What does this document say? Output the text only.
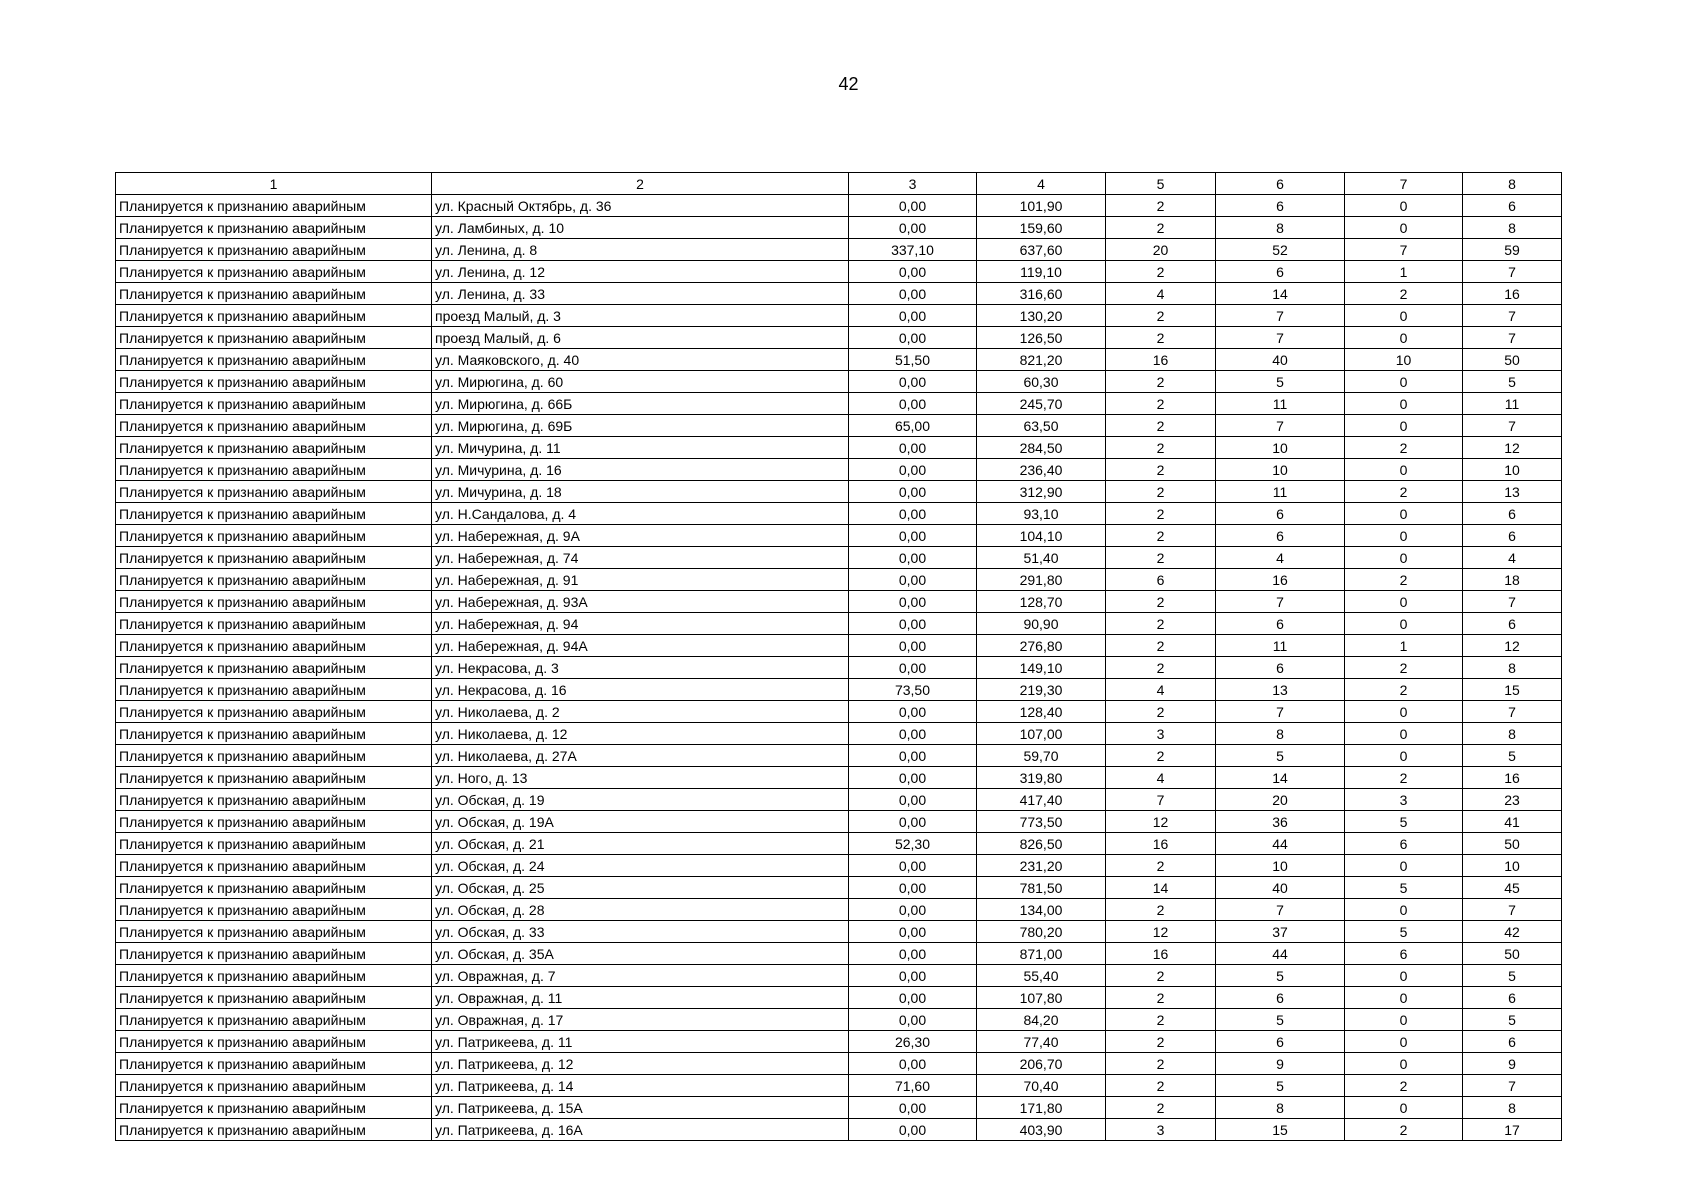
42
1	2	3	4	5	6	7	8
Планируется к признанию аварийным	ул. Красный Октябрь, д. 36	0,00	101,90	2	6	0	6
Планируется к признанию аварийным	ул. Ламбиных, д. 10	0,00	159,60	2	8	0	8
Планируется к признанию аварийным	ул. Ленина, д. 8	337,10	637,60	20	52	7	59
Планируется к признанию аварийным	ул. Ленина, д. 12	0,00	119,10	2	6	1	7
Планируется к признанию аварийным	ул. Ленина, д. 33	0,00	316,60	4	14	2	16
Планируется к признанию аварийным	проезд Малый, д. 3	0,00	130,20	2	7	0	7
Планируется к признанию аварийным	проезд Малый, д. 6	0,00	126,50	2	7	0	7
Планируется к признанию аварийным	ул. Маяковского, д. 40	51,50	821,20	16	40	10	50
Планируется к признанию аварийным	ул. Мирюгина, д. 60	0,00	60,30	2	5	0	5
Планируется к признанию аварийным	ул. Мирюгина, д. 66Б	0,00	245,70	2	11	0	11
Планируется к признанию аварийным	ул. Мирюгина, д. 69Б	65,00	63,50	2	7	0	7
Планируется к признанию аварийным	ул. Мичурина, д. 11	0,00	284,50	2	10	2	12
Планируется к признанию аварийным	ул. Мичурина, д. 16	0,00	236,40	2	10	0	10
Планируется к признанию аварийным	ул. Мичурина, д. 18	0,00	312,90	2	11	2	13
Планируется к признанию аварийным	ул. Н.Сандалова, д. 4	0,00	93,10	2	6	0	6
Планируется к признанию аварийным	ул. Набережная, д. 9А	0,00	104,10	2	6	0	6
Планируется к признанию аварийным	ул. Набережная, д. 74	0,00	51,40	2	4	0	4
Планируется к признанию аварийным	ул. Набережная, д. 91	0,00	291,80	6	16	2	18
Планируется к признанию аварийным	ул. Набережная, д. 93А	0,00	128,70	2	7	0	7
Планируется к признанию аварийным	ул. Набережная, д. 94	0,00	90,90	2	6	0	6
Планируется к признанию аварийным	ул. Набережная, д. 94А	0,00	276,80	2	11	1	12
Планируется к признанию аварийным	ул. Некрасова, д. 3	0,00	149,10	2	6	2	8
Планируется к признанию аварийным	ул. Некрасова, д. 16	73,50	219,30	4	13	2	15
Планируется к признанию аварийным	ул. Николаева, д. 2	0,00	128,40	2	7	0	7
Планируется к признанию аварийным	ул. Николаева, д. 12	0,00	107,00	3	8	0	8
Планируется к признанию аварийным	ул. Николаева, д. 27А	0,00	59,70	2	5	0	5
Планируется к признанию аварийным	ул. Ного, д. 13	0,00	319,80	4	14	2	16
Планируется к признанию аварийным	ул. Обская, д. 19	0,00	417,40	7	20	3	23
Планируется к признанию аварийным	ул. Обская, д. 19А	0,00	773,50	12	36	5	41
Планируется к признанию аварийным	ул. Обская, д. 21	52,30	826,50	16	44	6	50
Планируется к признанию аварийным	ул. Обская, д. 24	0,00	231,20	2	10	0	10
Планируется к признанию аварийным	ул. Обская, д. 25	0,00	781,50	14	40	5	45
Планируется к признанию аварийным	ул. Обская, д. 28	0,00	134,00	2	7	0	7
Планируется к признанию аварийным	ул. Обская, д. 33	0,00	780,20	12	37	5	42
Планируется к признанию аварийным	ул. Обская, д. 35А	0,00	871,00	16	44	6	50
Планируется к признанию аварийным	ул. Овражная, д. 7	0,00	55,40	2	5	0	5
Планируется к признанию аварийным	ул. Овражная, д. 11	0,00	107,80	2	6	0	6
Планируется к признанию аварийным	ул. Овражная, д. 17	0,00	84,20	2	5	0	5
Планируется к признанию аварийным	ул. Патрикеева, д. 11	26,30	77,40	2	6	0	6
Планируется к признанию аварийным	ул. Патрикеева, д. 12	0,00	206,70	2	9	0	9
Планируется к признанию аварийным	ул. Патрикеева, д. 14	71,60	70,40	2	5	2	7
Планируется к признанию аварийным	ул. Патрикеева, д. 15А	0,00	171,80	2	8	0	8
Планируется к признанию аварийным	ул. Патрикеева, д. 16А	0,00	403,90	3	15	2	17
